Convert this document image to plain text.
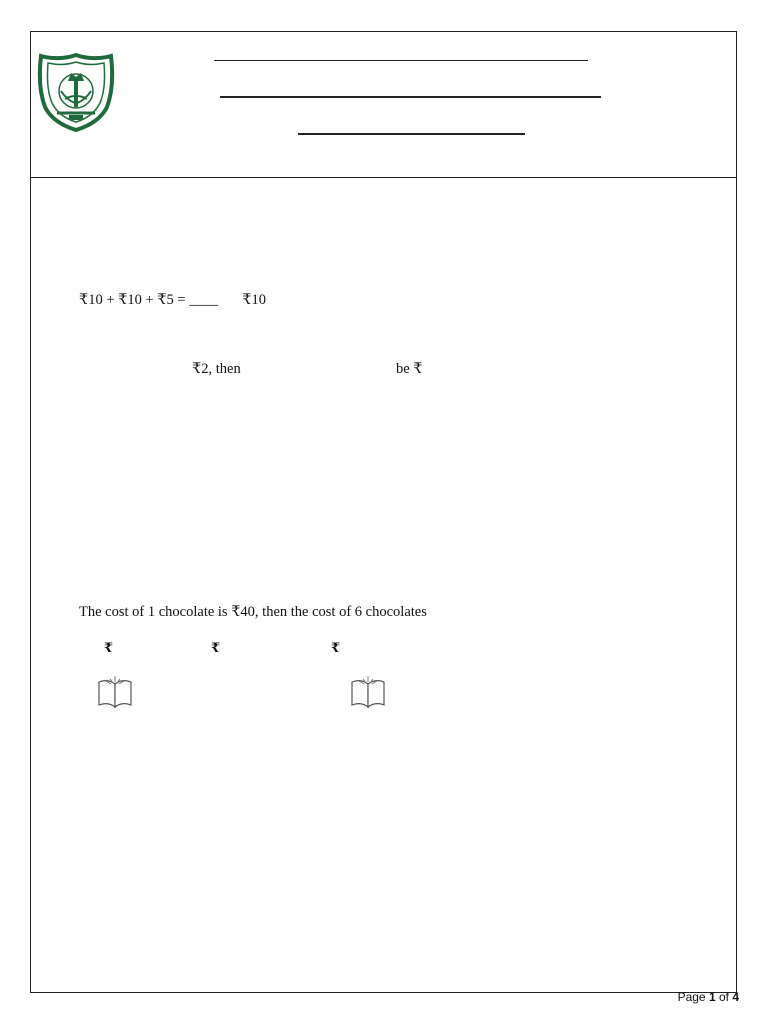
₹10 + ₹10 + ₹5 = ____ ₹10
₹2, then	be ₹
The cost of 1 chocolate is ₹40, then the cost of 6 chocolates
₹	₹	₹
Page 1 of 4
